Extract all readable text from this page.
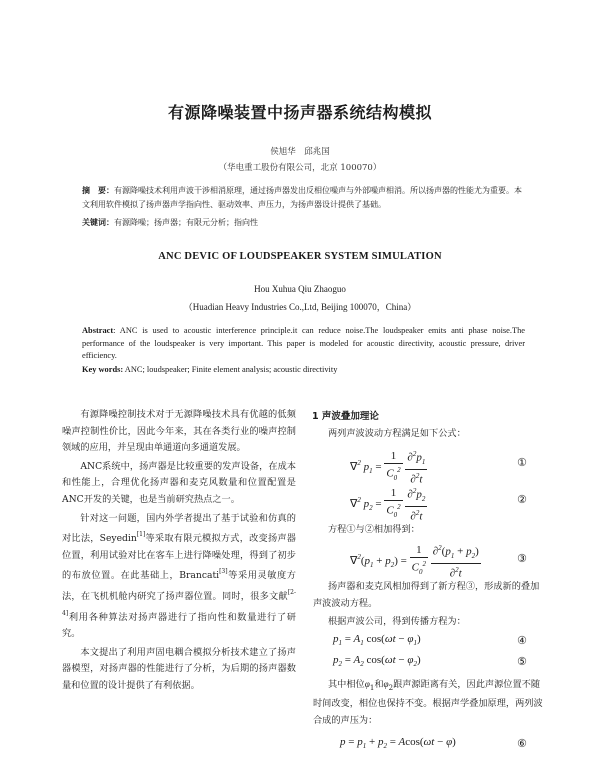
有源降噪装置中扬声器系统结构模拟
侯旭华　邱兆国
（华电重工股份有限公司，北京 100070）
摘　要：有源降噪技术利用声波干涉相消原理，通过扬声器发出反相位噪声与外部噪声相消。所以扬声器的性能尤为重要。本文利用软件模拟了扬声器声学指向性、驱动效率、声压力，为扬声器设计提供了基础。
关键词：有源降噪；扬声器；有限元分析；指向性
ANC DEVIC OF LOUDSPEAKER SYSTEM SIMULATION
Hou Xuhua Qiu Zhaoguo
（Huadian Heavy Industries Co.,Ltd, Beijing 100070，China）
Abstract: ANC is used to acoustic interference principle.it can reduce noise.The loudspeaker emits anti phase noise.The performance of the loudspeaker is very important. This paper is modeled for acoustic directivity, acoustic pressure, driver efficiency.
Key words: ANC; loudspeaker; Finite element analysis; acoustic directivity

有源降噪控制技术对于无源降噪技术具有优越的低频噪声控制性价比，因此今年来，其在各类行业的噪声控制领域的应用，并呈现由单通道向多通道发展。

ANC系统中，扬声器是比较重要的发声设备，在成本和性能上，合理优化扬声器和麦克风数量和位置配置是ANC开发的关键，也是当前研究热点之一。

针对这一问题，国内外学者提出了基于试验和仿真的对比法，Seyedin[1]等采取有限元模拟方式，改变扬声器位置，利用试验对比在客车上进行降噪处理，得到了初步的布放位置。在此基础上，Brancati[3]等采用灵敏度方法，在飞机机舱内研究了扬声器位置。同时，很多文献[2-4]利用各种算法对扬声器进行了指向性和数量进行了研究。

本文提出了利用声固电耦合模拟分析技术建立了扬声器模型，对扬声器的性能进行了分析，为后期的扬声器数量和位置的设计提供了有利依据。

1 声波叠加理论
两列声波波动方程满足如下公式：
∇$^2$ $p_1 = \frac{1}{C_0^2}$
$\frac{\partial^2p_1}{\partial^2t}$	①
∇$^2$ $p_2 = \frac{1}{C_0^2}$
$\frac{\partial^2p_2}{\partial^2t}$	②
方程①与②相加得到：
$\nabla^2(p_1 + p_2) = \frac{1}{C_0^2}$
$\frac{\partial^2(p_1 + p_2)}{\partial^2t}$	③
扬声器和麦克风相加得到了新方程③，形成新的叠加声波波动方程。
根据声波公司，得到传播方程为：
$p_1 = A_1$ $\cos(\omega t - \varphi_1)$	④
$p_2 = A_2$ $\cos(\omega t - \varphi_2)$	⑤
其中相位$\varphi_1$和$\varphi_2$跟声源距离有关，因此声源位置不随时间改变，相位也保持不变。根据声学叠加原理，两列波合成的声压为：
$p = p_1 + p_2 = Acos(\omega t - \varphi)$	⑥
